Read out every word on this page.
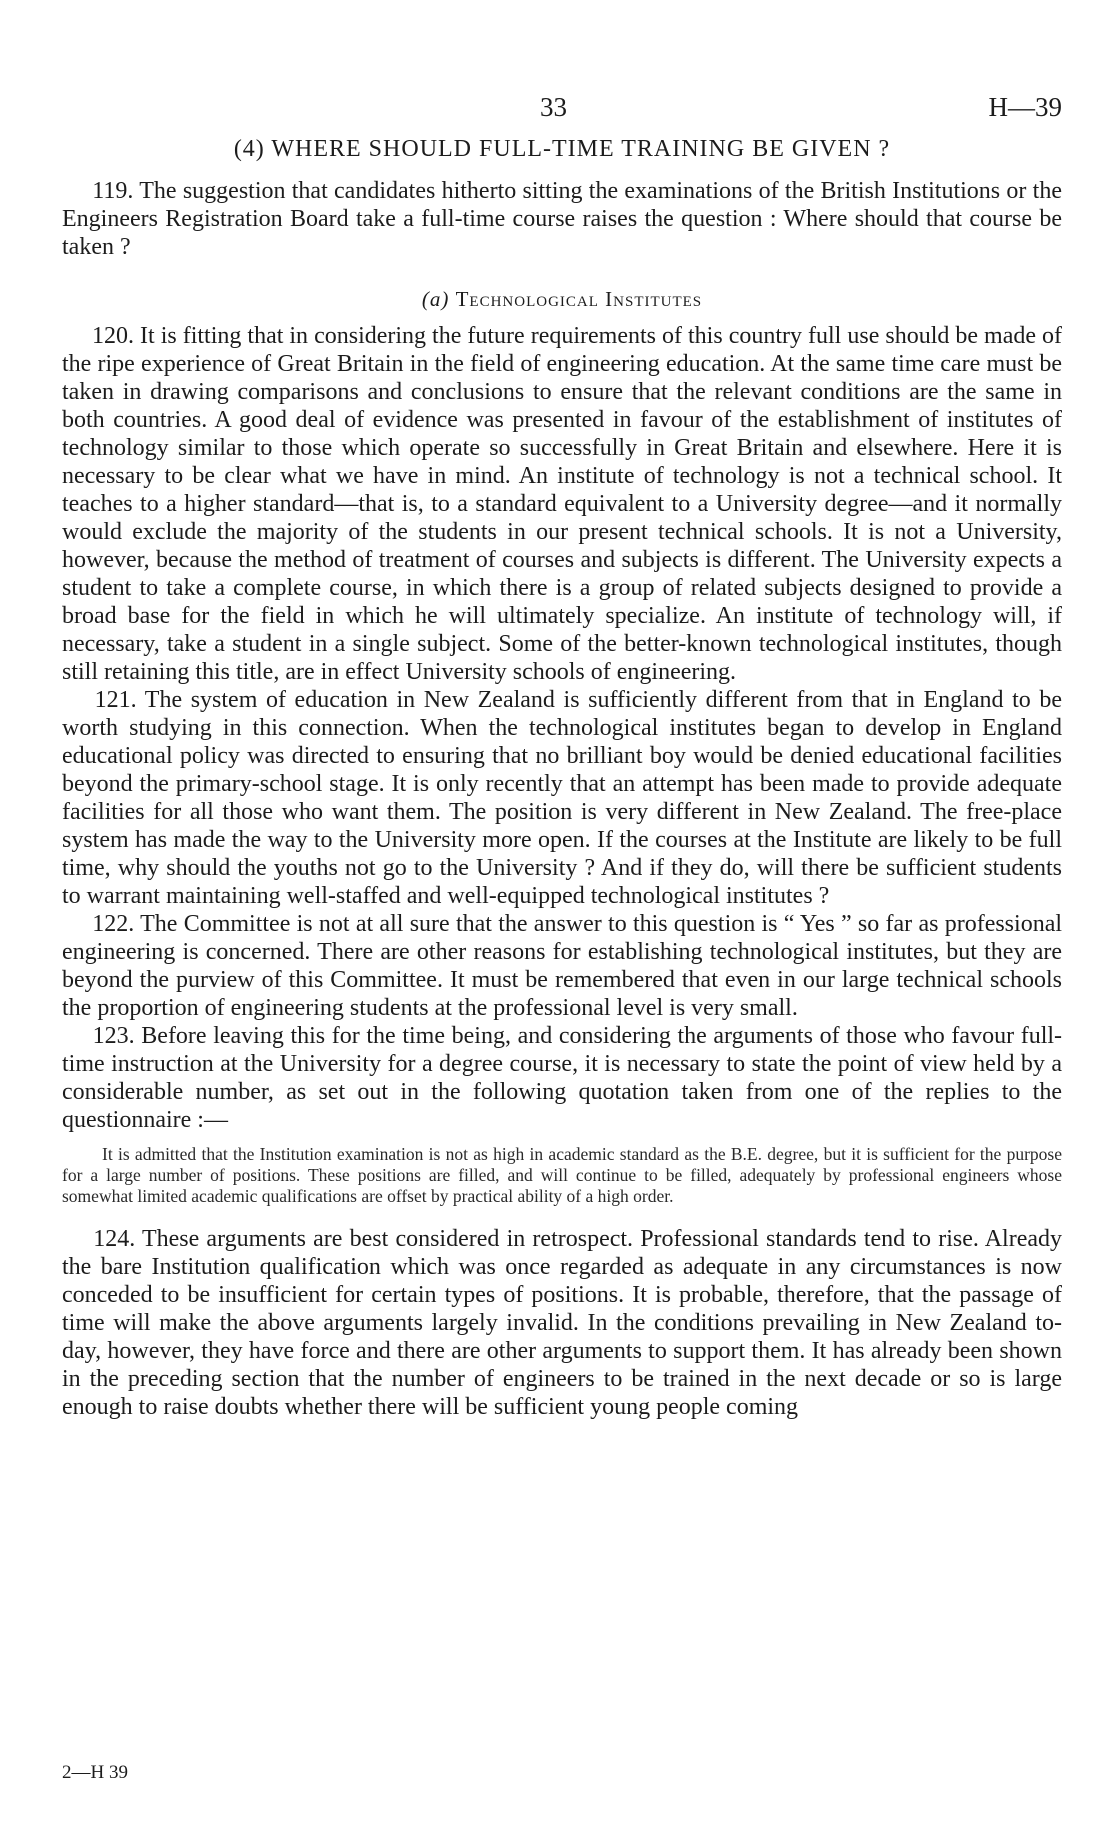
33	H—39
(4) WHERE SHOULD FULL-TIME TRAINING BE GIVEN ?

  119. The suggestion that candidates hitherto sitting the examinations of the British Institutions or the Engineers Registration Board take a full-time course raises the question : Where should that course be taken ?

(a) Technological Institutes

  120. It is fitting that in considering the future requirements of this country full use should be made of the ripe experience of Great Britain in the field of engineering education. At the same time care must be taken in drawing comparisons and conclusions to ensure that the relevant conditions are the same in both countries. A good deal of evidence was presented in favour of the establishment of institutes of technology similar to those which operate so successfully in Great Britain and elsewhere. Here it is necessary to be clear what we have in mind. An institute of technology is not a technical school. It teaches to a higher standard—that is, to a standard equivalent to a University degree—and it normally would exclude the majority of the students in our present technical schools. It is not a University, however, because the method of treatment of courses and subjects is different. The University expects a student to take a complete course, in which there is a group of related subjects designed to provide a broad base for the field in which he will ultimately specialize. An institute of technology will, if necessary, take a student in a single subject. Some of the better-known technological institutes, though still retaining this title, are in effect University schools of engineering.

  121. The system of education in New Zealand is sufficiently different from that in England to be worth studying in this connection. When the technological institutes began to develop in England educational policy was directed to ensuring that no brilliant boy would be denied educational facilities beyond the primary-school stage. It is only recently that an attempt has been made to provide adequate facilities for all those who want them. The position is very different in New Zealand. The free-place system has made the way to the University more open. If the courses at the Institute are likely to be full time, why should the youths not go to the University ? And if they do, will there be sufficient students to warrant maintaining well-staffed and well-equipped technological institutes ?

  122. The Committee is not at all sure that the answer to this question is “ Yes ” so far as professional engineering is concerned. There are other reasons for establishing technological institutes, but they are beyond the purview of this Committee. It must be remembered that even in our large technical schools the proportion of engineering students at the professional level is very small.

  123. Before leaving this for the time being, and considering the arguments of those who favour full-time instruction at the University for a degree course, it is necessary to state the point of view held by a considerable number, as set out in the following quotation taken from one of the replies to the questionnaire :—

It is admitted that the Institution examination is not as high in academic standard as the B.E. degree, but it is sufficient for the purpose for a large number of positions. These positions are filled, and will continue to be filled, adequately by professional engineers whose somewhat limited academic qualifications are offset by practical ability of a high order.

  124. These arguments are best considered in retrospect. Professional standards tend to rise. Already the bare Institution qualification which was once regarded as adequate in any circumstances is now conceded to be insufficient for certain types of positions. It is probable, therefore, that the passage of time will make the above arguments largely invalid. In the conditions prevailing in New Zealand to-day, however, they have force and there are other arguments to support them. It has already been shown in the preceding section that the number of engineers to be trained in the next decade or so is large enough to raise doubts whether there will be sufficient young people coming

2—H 39
